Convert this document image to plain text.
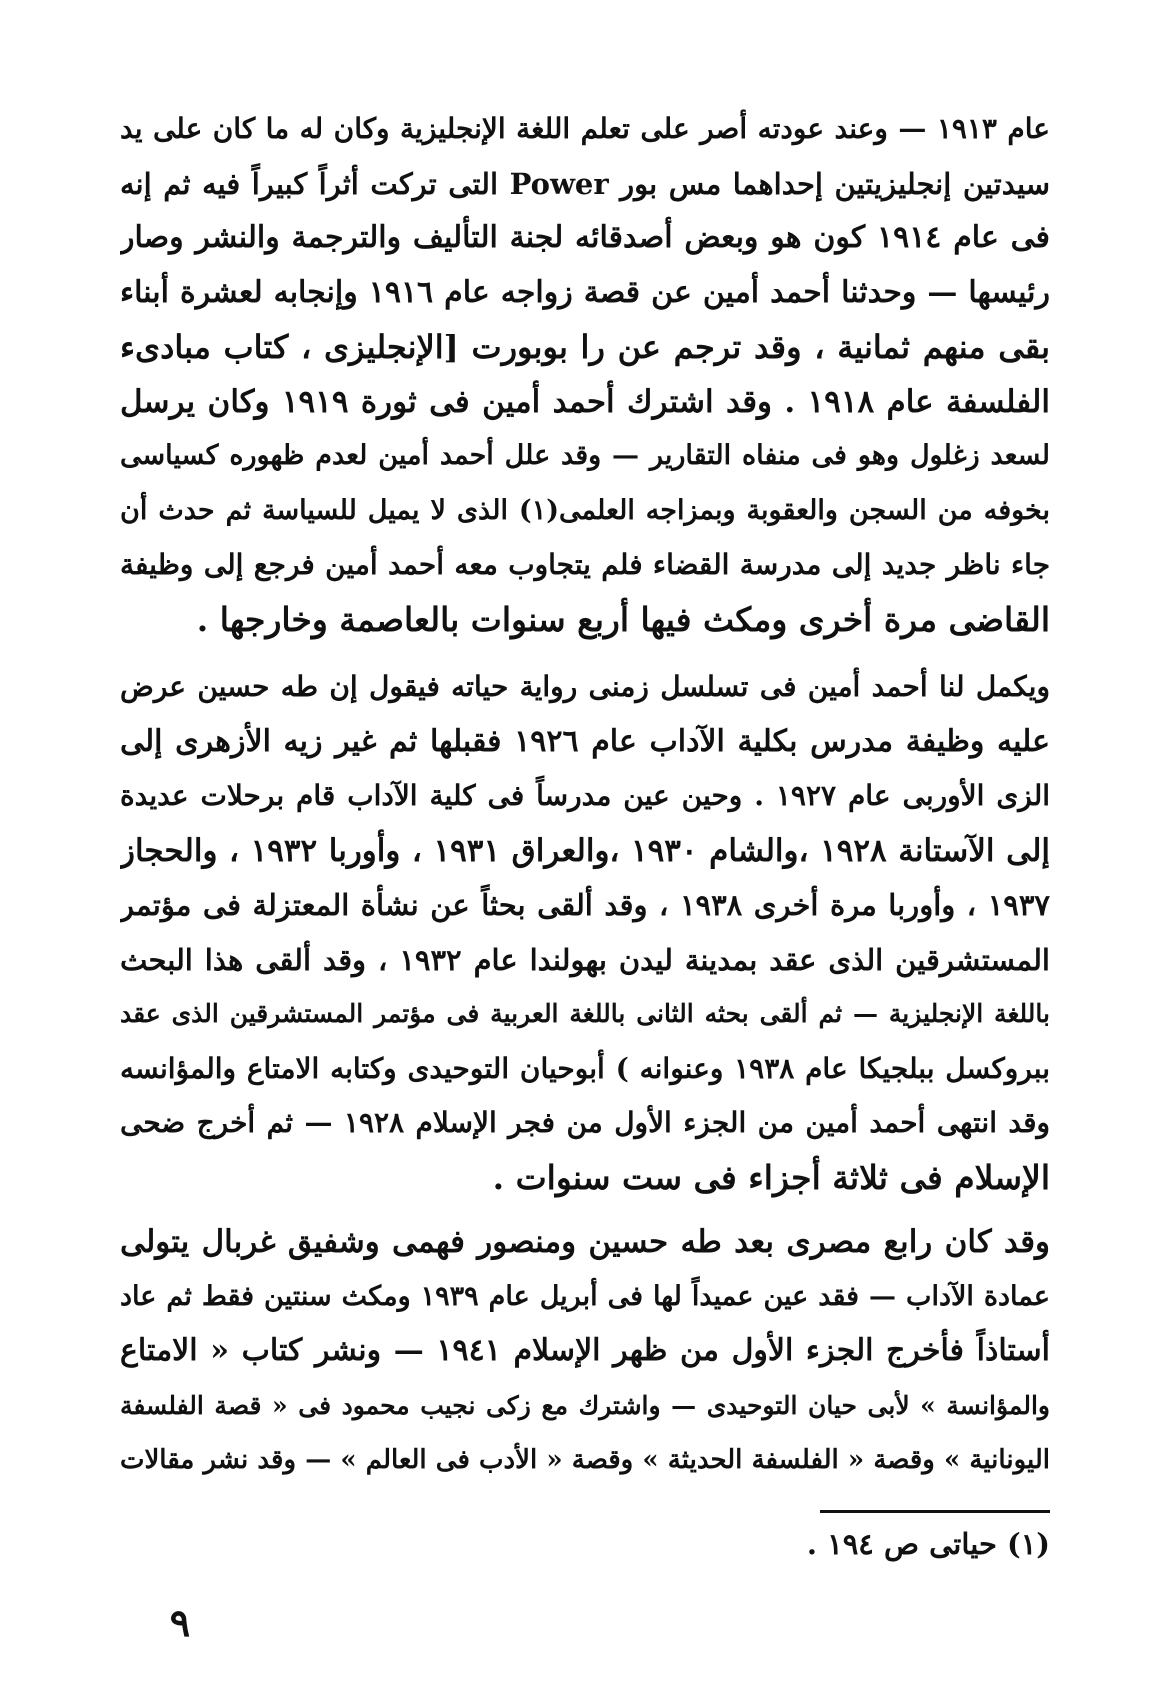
عام ١٩١٣ — وعند عودته أصر على تعلم اللغة الإنجليزية وكان له ما كان على يد
سيدتين إنجليزيتين إحداهما مس بور Power التى تركت أثراً كبيراً فيه ثم إنه
فى عام ١٩١٤ كون هو وبعض أصدقائه لجنة التأليف والترجمة والنشر وصار
رئيسها — وحدثنا أحمد أمين عن قصة زواجه عام ١٩١٦ وإنجابه لعشرة أبناء
بقى منهم ثمانية ، وقد ترجم عن را بوبورت [الإنجليزى ، كتاب مبادىء
الفلسفة عام ١٩١٨ . وقد اشترك أحمد أمين فى ثورة ١٩١٩ وكان يرسل
لسعد زغلول وهو فى منفاه التقارير — وقد علل أحمد أمين لعدم ظهوره كسياسى
بخوفه من السجن والعقوبة وبمزاجه العلمى(١) الذى لا يميل للسياسة ثم حدث أن
جاء ناظر جديد إلى مدرسة القضاء فلم يتجاوب معه أحمد أمين فرجع إلى وظيفة
القاضى مرة أخرى ومكث فيها أربع سنوات بالعاصمة وخارجها .
ويكمل لنا أحمد أمين فى تسلسل زمنى رواية حياته فيقول إن طه حسين عرض
عليه وظيفة مدرس بكلية الآداب عام ١٩٢٦ فقبلها ثم غير زيه الأزهرى إلى
الزى الأوربى عام ١٩٢٧ . وحين عين مدرساً فى كلية الآداب قام برحلات عديدة
إلى الآستانة ١٩٢٨ ،والشام ١٩٣٠ ،والعراق ١٩٣١ ، وأوربا ١٩٣٢ ، والحجاز
١٩٣٧ ، وأوربا مرة أخرى ١٩٣٨ ، وقد ألقى بحثاً عن نشأة المعتزلة فى مؤتمر
المستشرقين الذى عقد بمدينة ليدن بهولندا عام ١٩٣٢ ، وقد ألقى هذا البحث
باللغة الإنجليزية — ثم ألقى بحثه الثانى باللغة العربية فى مؤتمر المستشرقين الذى عقد
ببروكسل ببلجيكا عام ١٩٣٨ وعنوانه ) أبوحيان التوحيدى وكتابه الامتاع والمؤانسه
وقد انتهى أحمد أمين من الجزء الأول من فجر الإسلام ١٩٢٨ — ثم أخرج ضحى
الإسلام فى ثلاثة أجزاء فى ست سنوات .
وقد كان رابع مصرى بعد طه حسين ومنصور فهمى وشفيق غربال يتولى
عمادة الآداب — فقد عين عميداً لها فى أبريل عام ١٩٣٩ ومكث سنتين فقط ثم عاد
أستاذاً فأخرج الجزء الأول من ظهر الإسلام ١٩٤١ — ونشر كتاب « الامتاع
والمؤانسة » لأبى حيان التوحيدى — واشترك مع زكى نجيب محمود فى « قصة الفلسفة
اليونانية » وقصة « الفلسفة الحديثة » وقصة « الأدب فى العالم » — وقد نشر مقالات
(١) حياتى ص ١٩٤ .
٩
